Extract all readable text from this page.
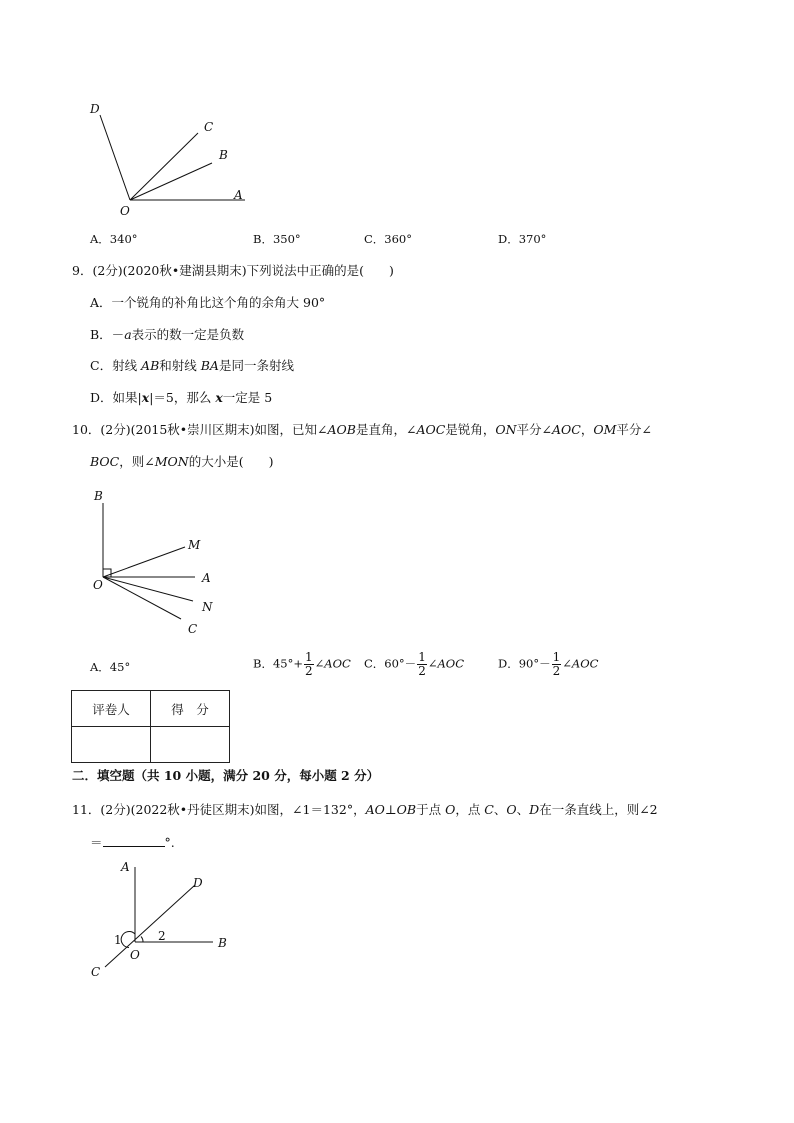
D
C
B
A
O
A．340°	B．350°	C．360°	D．370°
9．(2分)(2020秋•建湖县期末)下列说法中正确的是(　　)
A．一个锐角的补角比这个角的余角大 90°
B．－a表示的数一定是负数
C．射线 AB和射线 BA是同一条射线
D．如果|x|＝5，那么 x一定是 5
10．(2分)(2015秋•崇川区期末)如图，已知∠AOB是直角，∠AOC是锐角，ON平分∠AOC，OM平分∠
BOC，则∠MON的大小是(　　)
B
M
O	A
N
C
A．45°	B．$45^\circ+ \frac{1}{2}$ ∠AOC C．$60^\circ- \frac{1}{2}$ ∠AOC	D．$90^\circ- \frac{1}{2}$ ∠AOC
评卷人	得　分

二．填空题（共 10 小题，满分 20 分，每小题 2 分）
11．(2分)(2022秋•丹徒区期末)如图，∠1＝132°，AO⊥OB于点 O，点 C、O、D在一条直线上，则∠2
＝	°.
A
D
1	2	B
O
C
